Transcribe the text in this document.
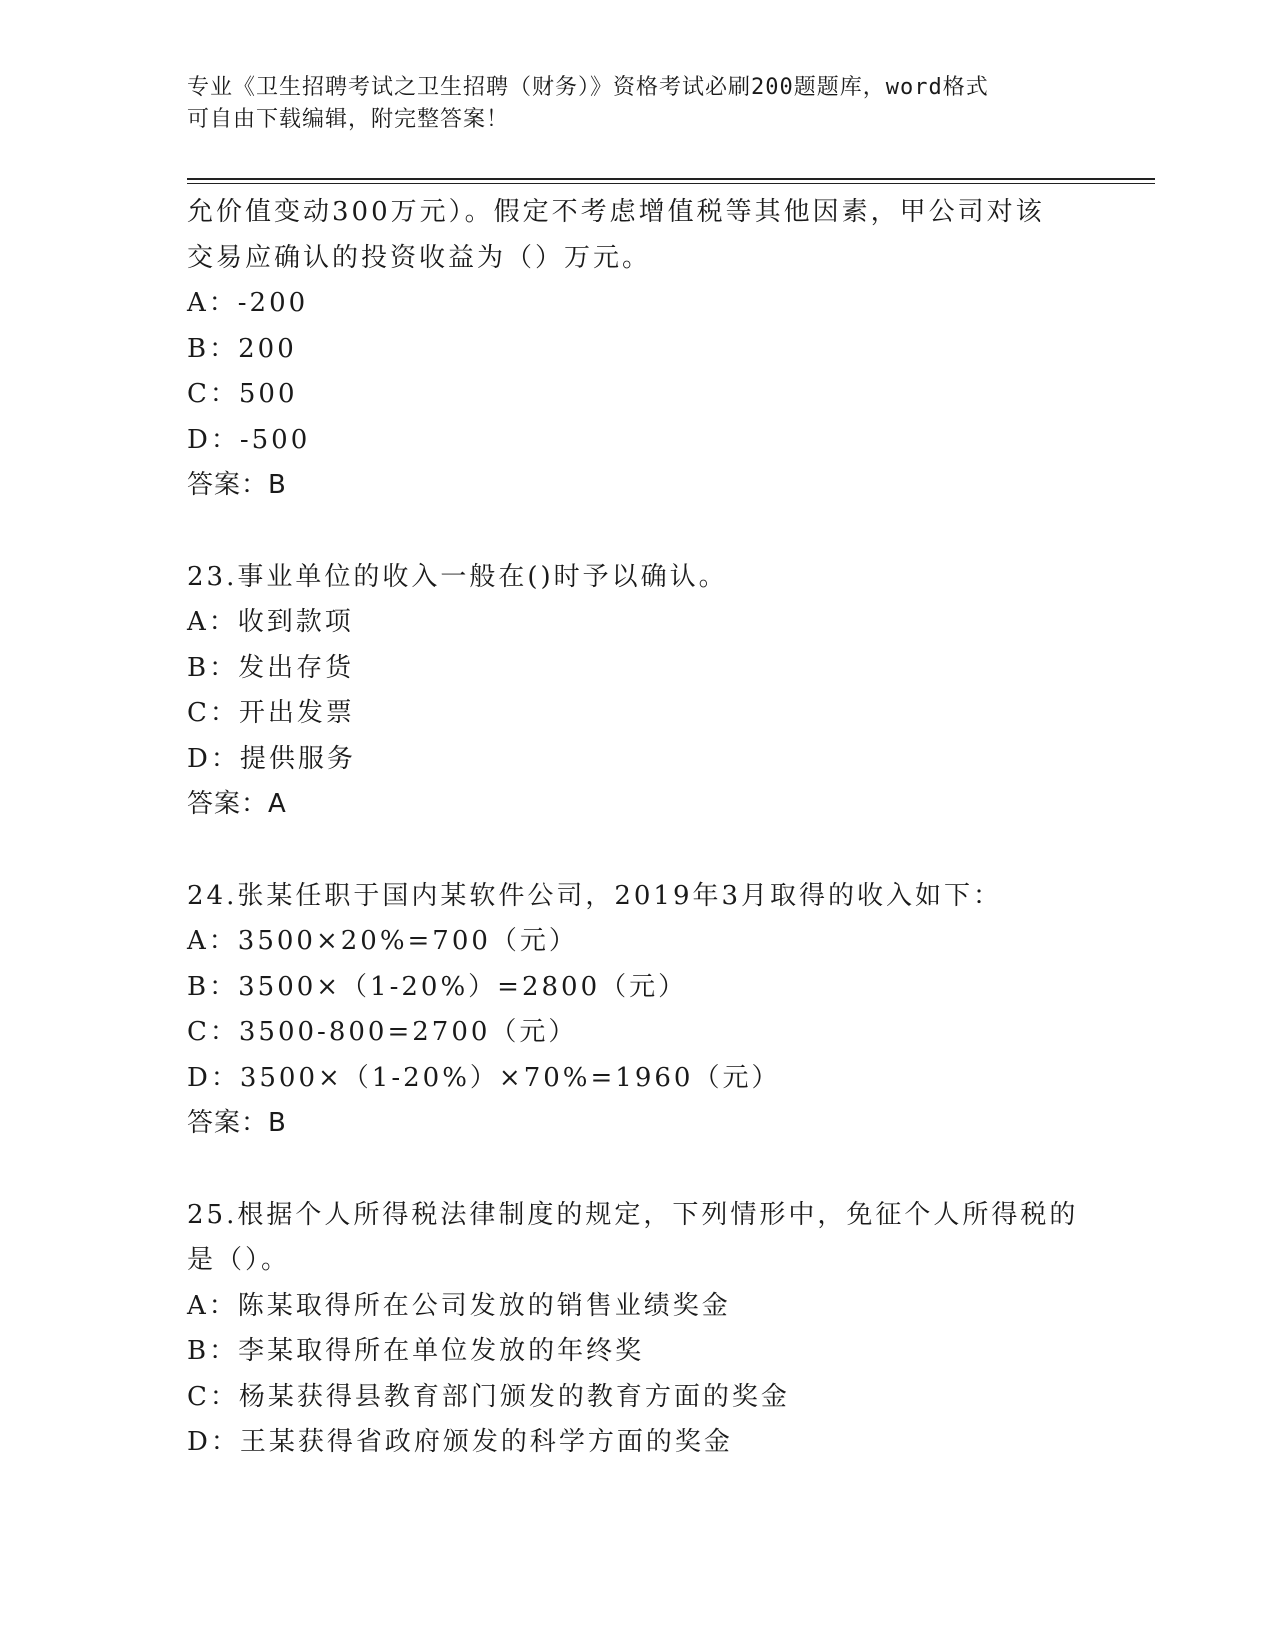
专业《卫生招聘考试之卫生招聘（财务）》资格考试必刷200题题库，word格式
可自由下载编辑，附完整答案！
允价值变动300万元）。假定不考虑增值税等其他因素，甲公司对该
交易应确认的投资收益为（）万元。
A：-200
B：200
C：500
D：-500
答案：B
23.事业单位的收入一般在()时予以确认。
A：收到款项
B：发出存货
C：开出发票
D：提供服务
答案：A
24.张某任职于国内某软件公司，2019年3月取得的收入如下：
A：3500×20%=700（元）
B：3500×（1-20%）=2800（元）
C：3500-800=2700（元）
D：3500×（1-20%）×70%=1960（元）
答案：B
25.根据个人所得税法律制度的规定，下列情形中，免征个人所得税的
是（）。
A：陈某取得所在公司发放的销售业绩奖金
B：李某取得所在单位发放的年终奖
C：杨某获得县教育部门颁发的教育方面的奖金
D：王某获得省政府颁发的科学方面的奖金
